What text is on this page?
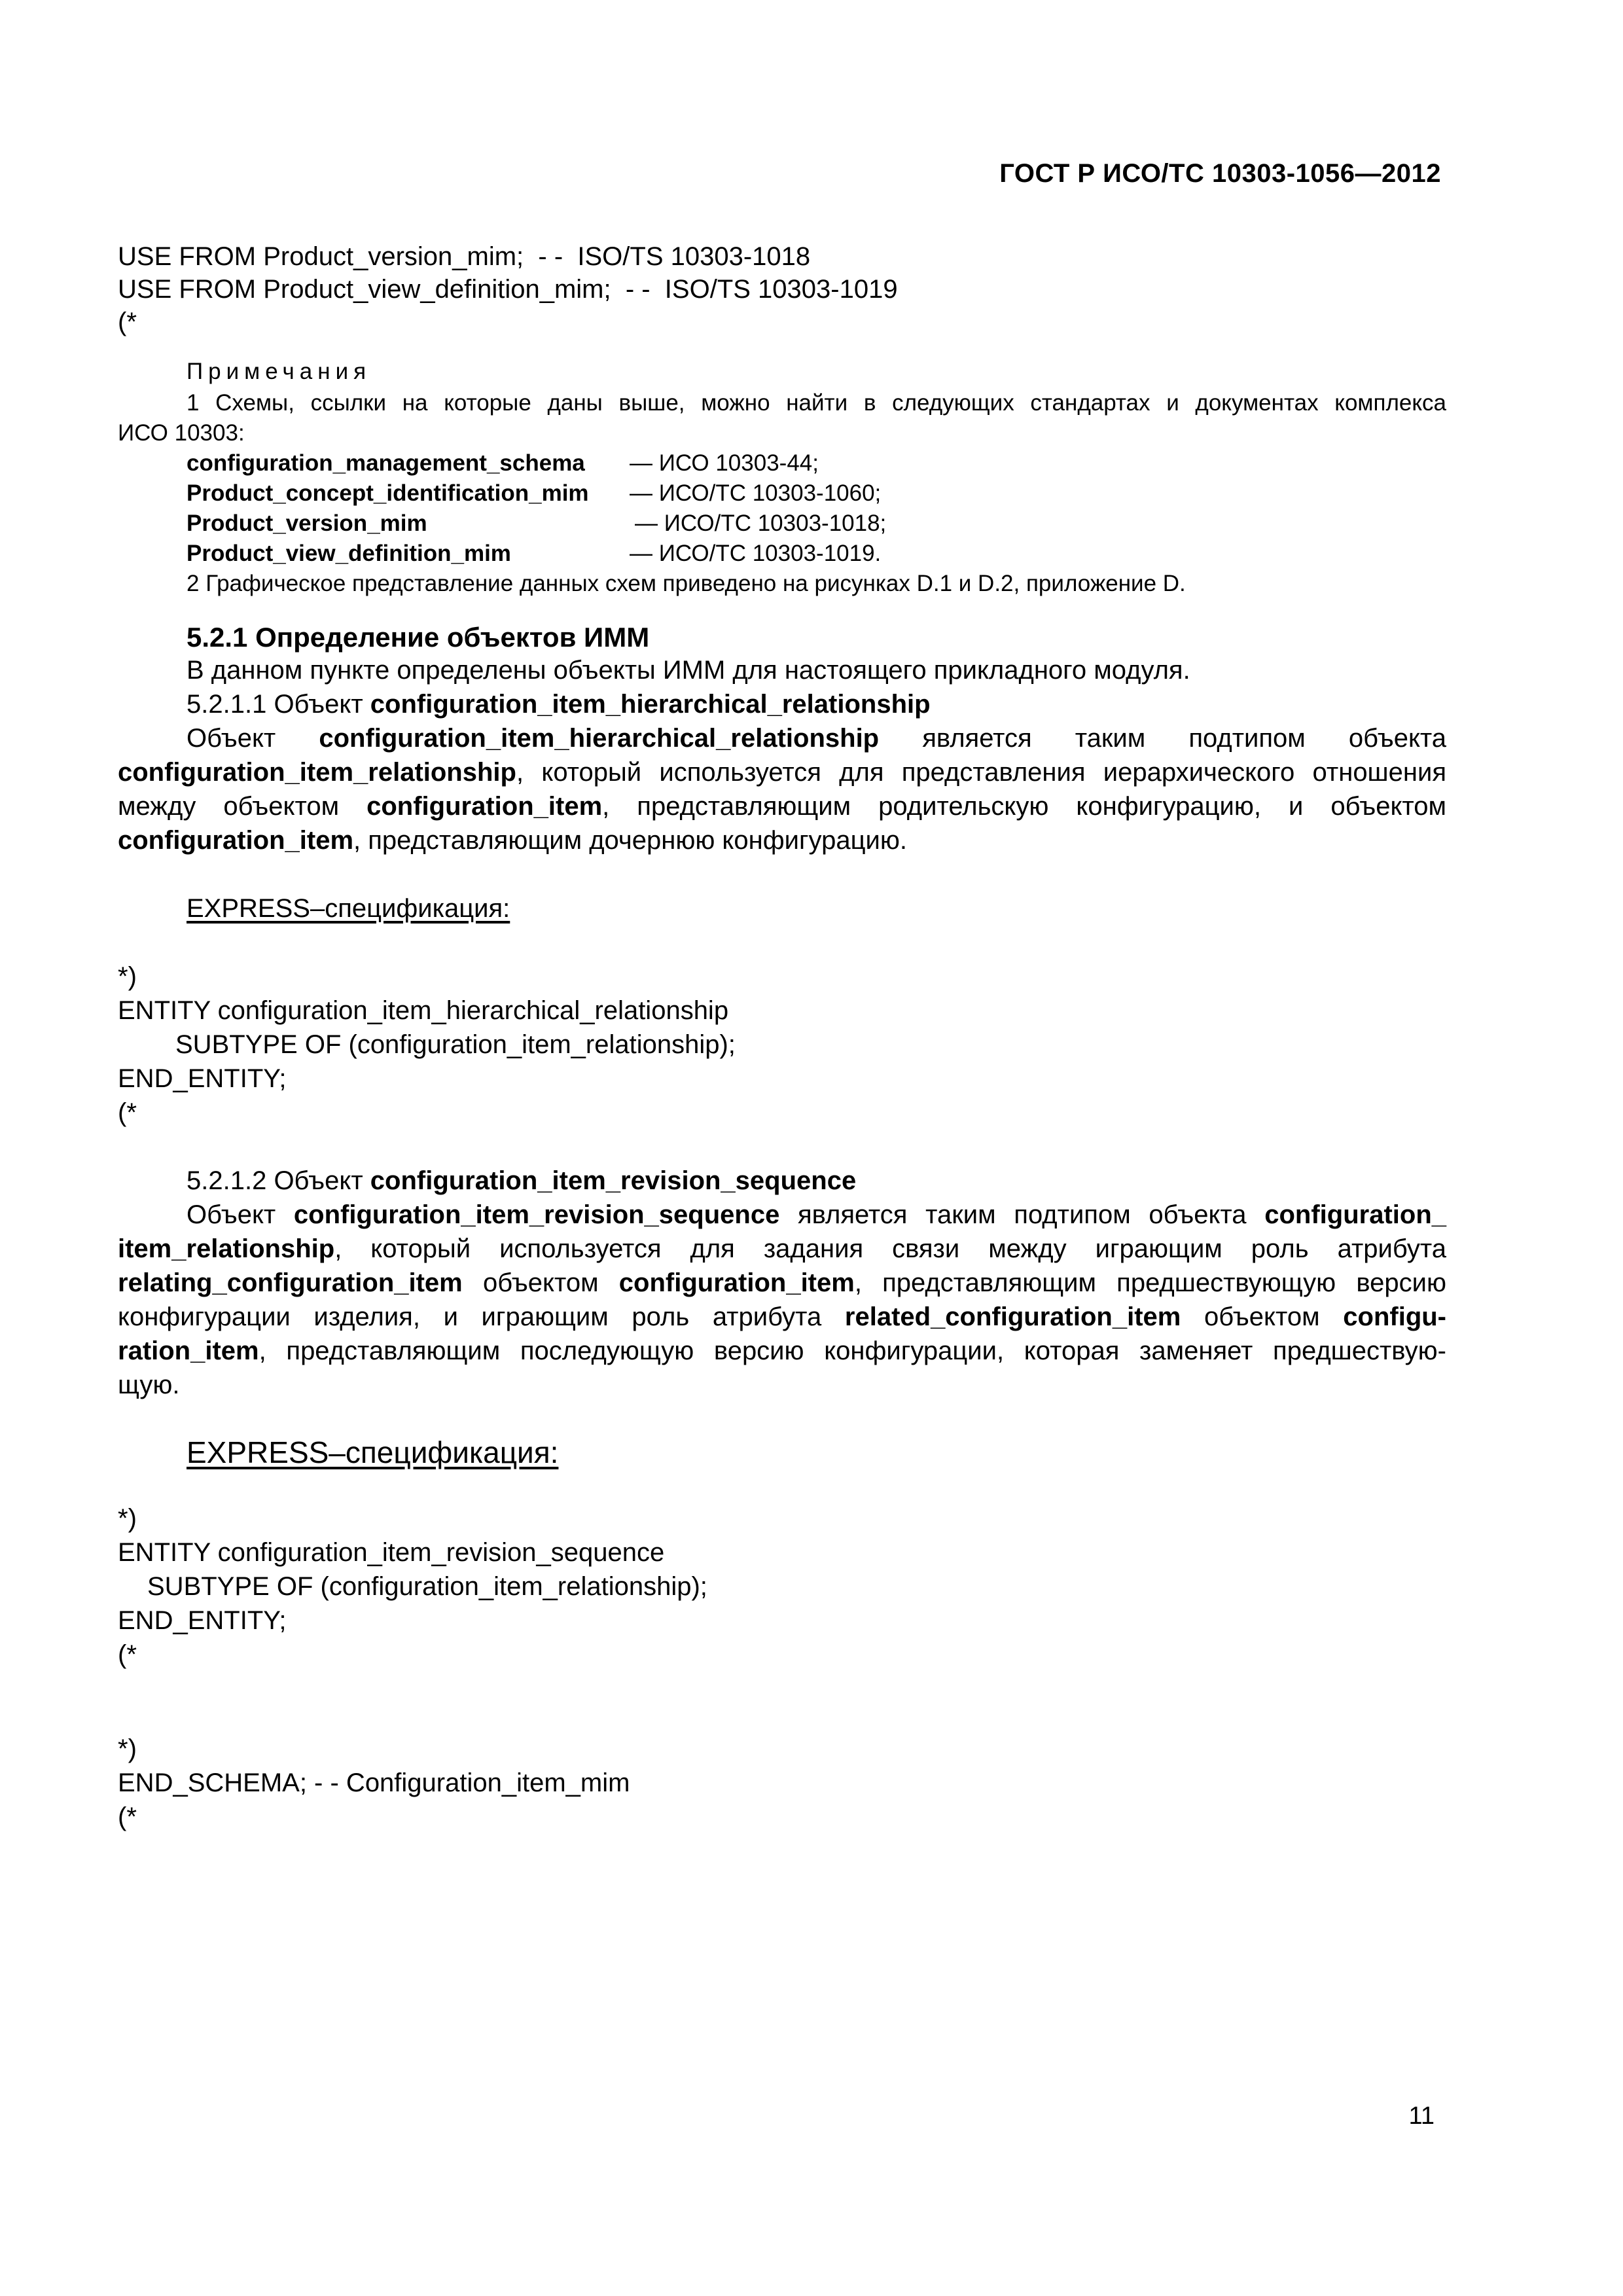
ГОСТ Р ИСО/ТС 10303-1056—2012
USE FROM Product_version_mim;  - -  ISO/TS 10303-1018
USE FROM Product_view_definition_mim;  - -  ISO/TS 10303-1019
(*
Примечания
1 Схемы, ссылки на которые даны выше, можно найти в следующих стандартах и документах комплекса
ИСО 10303:
configuration_management_schema — ИСО 10303-44;
Product_concept_identification_mim — ИСО/ТС 10303-1060;
Product_version_mim	— ИСО/ТС 10303-1018;
Product_view_definition_mim	— ИСО/ТС 10303-1019.
2 Графическое представление данных схем приведено на рисунках D.1 и D.2, приложение D.
5.2.1 Определение объектов ИММ
В данном пункте определены объекты ИММ для настоящего прикладного модуля.
5.2.1.1 Объект configuration_item_hierarchical_relationship
Объект configuration_item_hierarchical_relationship является таким подтипом объекта
configuration_item_relationship, который используется для представления иерархического отношения
между объектом configuration_item, представляющим родительскую конфигурацию, и объектом
configuration_item, представляющим дочернюю конфигурацию.
EXPRESS–спецификация:
*)
ENTITY configuration_item_hierarchical_relationship
SUBTYPE OF (configuration_item_relationship);
END_ENTITY;
(*
5.2.1.2 Объект configuration_item_revision_sequence
Объект configuration_item_revision_sequence является таким подтипом объекта configuration_
item_relationship, который используется для задания связи между играющим роль атрибута
relating_configuration_item объектом configuration_item, представляющим предшествующую версию
конфигурации изделия, и играющим роль атрибута related_configuration_item объектом configu-
ration_item, представляющим последующую версию конфигурации, которая заменяет предшествую-
щую.
EXPRESS–спецификация:
*)
ENTITY configuration_item_revision_sequence
SUBTYPE OF (configuration_item_relationship);
END_ENTITY;
(*
*)
END_SCHEMA; - - Configuration_item_mim
(*
11
